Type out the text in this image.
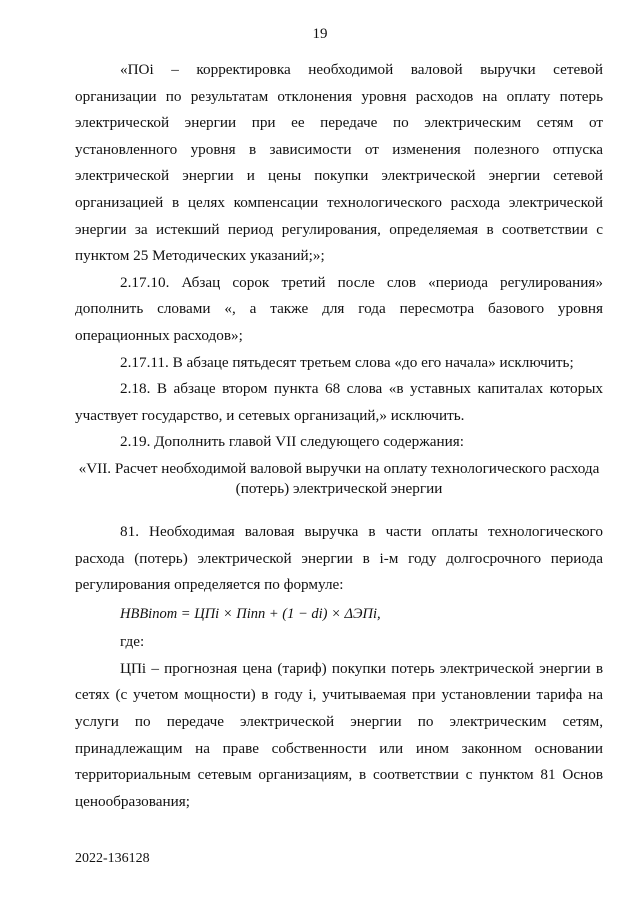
19

«ПОi – корректировка необходимой валовой выручки сетевой организации по результатам отклонения уровня расходов на оплату потерь электрической энергии при ее передаче по электрическим сетям от установленного уровня в зависимости от изменения полезного отпуска электрической энергии и цены покупки электрической энергии сетевой организацией в целях компенсации технологического расхода электрической энергии за истекший период регулирования, определяемая в соответствии с пунктом 25 Методических указаний;»;

2.17.10. Абзац сорок третий после слов «периода регулирования» дополнить словами «, а также для года пересмотра базового уровня операционных расходов»;

2.17.11. В абзаце пятьдесят третьем слова «до его начала» исключить;

2.18. В абзаце втором пункта 68 слова «в уставных капиталах которых участвует государство, и сетевых организаций,» исключить.

2.19. Дополнить главой VII следующего содержания:

«VII. Расчет необходимой валовой выручки на оплату технологического расхода (потерь) электрической энергии

81. Необходимая валовая выручка в части оплаты технологического расхода (потерь) электрической энергии в i-м году долгосрочного периода регулирования определяется по формуле:

НВВiпот = ЦПi × Пiпп + (1 − di) × ΔЭПi,

где:

ЦПi – прогнозная цена (тариф) покупки потерь электрической энергии в сетях (с учетом мощности) в году i, учитываемая при установлении тарифа на услуги по передаче электрической энергии по электрическим сетям, принадлежащим на праве собственности или ином законном основании территориальным сетевым организациям, в соответствии с пунктом 81 Основ ценообразования;

2022-136128
